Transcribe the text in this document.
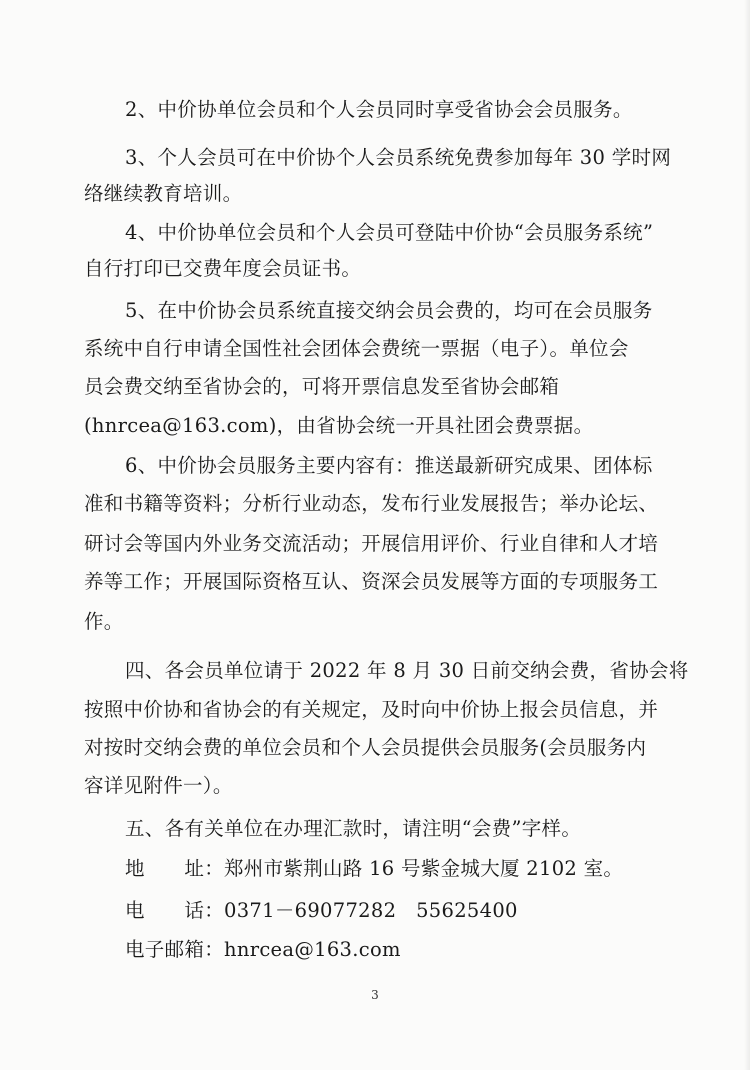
2、中价协单位会员和个人会员同时享受省协会会员服务。
3、个人会员可在中价协个人会员系统免费参加每年 30 学时网
络继续教育培训。
4、中价协单位会员和个人会员可登陆中价协“会员服务系统”
自行打印已交费年度会员证书。
5、在中价协会员系统直接交纳会员会费的，均可在会员服务
系统中自行申请全国性社会团体会费统一票据（电子）。单位会
员会费交纳至省协会的，可将开票信息发至省协会邮箱
(hnrcea@163.com)，由省协会统一开具社团会费票据。
6、中价协会员服务主要内容有：推送最新研究成果、团体标
准和书籍等资料；分析行业动态，发布行业发展报告；举办论坛、
研讨会等国内外业务交流活动；开展信用评价、行业自律和人才培
养等工作；开展国际资格互认、资深会员发展等方面的专项服务工
作。
四、各会员单位请于 2022 年 8 月 30 日前交纳会费，省协会将
按照中价协和省协会的有关规定，及时向中价协上报会员信息，并
对按时交纳会费的单位会员和个人会员提供会员服务(会员服务内
容详见附件一）。
五、各有关单位在办理汇款时，请注明“会费”字样。
地　　址：郑州市紫荆山路 16 号紫金城大厦 2102 室。
电　　话：0371－69077282　55625400
电子邮箱：hnrcea@163.com
3
